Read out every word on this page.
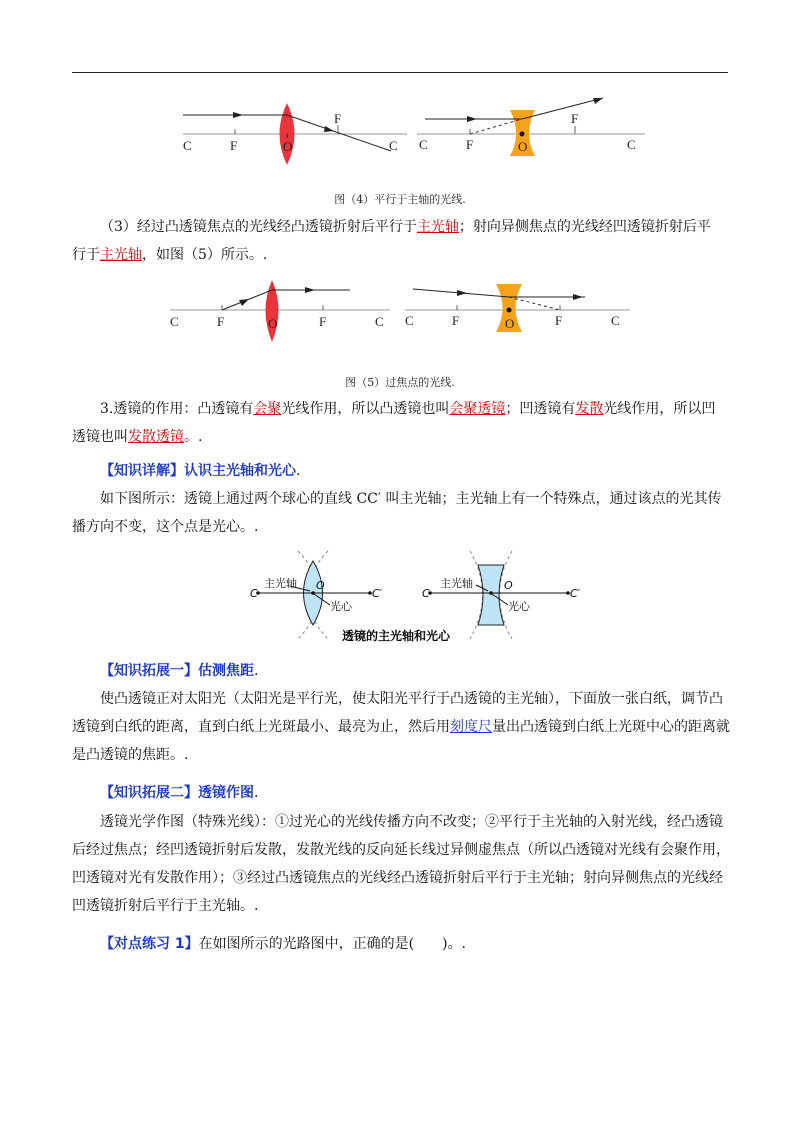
C	F	O
F
C C	F	O
F
C
图（4）平行于主轴的光线.
（3）经过凸透镜焦点的光线经凸透镜折射后平行于主光轴；射向异侧焦点的光线经凹透镜折射后平
行于主光轴，如图（5）所示。.
C	F	O	F	C C	F	O	F	C
图（5）过焦点的光线.
3.透镜的作用：凸透镜有会聚光线作用，所以凸透镜也叫会聚透镜；凹透镜有发散光线作用，所以凹
透镜也叫发散透镜。.
【知识详解】认识主光轴和光心.
如下图所示：透镜上通过两个球心的直线 CC′ 叫主光轴；主光轴上有一个特殊点，通过该点的光其传播方向不变，这个点是光心。.
主光轴 O
光心
C	C′
主光轴	O
光心
C	C′
透镜的主光轴和光心
【知识拓展一】估测焦距.
使凸透镜正对太阳光（太阳光是平行光，使太阳光平行于凸透镜的主光轴），下面放一张白纸，调节凸透镜到白纸的距离，直到白纸上光斑最小、最亮为止，然后用刻度尺量出凸透镜到白纸上光斑中心的距离就是凸透镜的焦距。.
【知识拓展二】透镜作图.
透镜光学作图（特殊光线）：①过光心的光线传播方向不改变；②平行于主光轴的入射光线，经凸透镜后经过焦点；经凹透镜折射后发散，发散光线的反向延长线过异侧虚焦点（所以凸透镜对光线有会聚作用，凹透镜对光有发散作用）；③经过凸透镜焦点的光线经凸透镜折射后平行于主光轴；射向异侧焦点的光线经凹透镜折射后平行于主光轴。.
【对点练习 1】在如图所示的光路图中，正确的是(　　)。.
